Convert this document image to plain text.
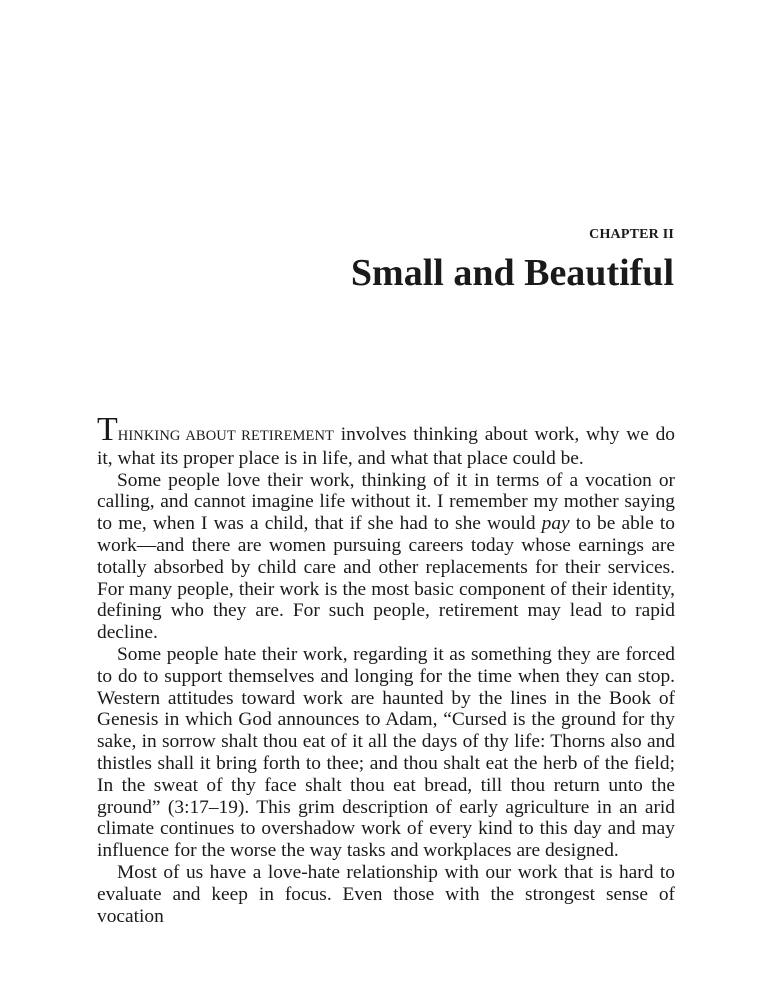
CHAPTER II
Small and Beautiful

THINKING ABOUT RETIREMENT involves thinking about work, why we do it, what its proper place is in life, and what that place could be.

Some people love their work, thinking of it in terms of a vocation or calling, and cannot imagine life without it. I remember my mother saying to me, when I was a child, that if she had to she would pay to be able to work—and there are women pursuing careers today whose earnings are totally absorbed by child care and other replacements for their services. For many people, their work is the most basic component of their identity, defining who they are. For such people, retirement may lead to rapid decline.

Some people hate their work, regarding it as something they are forced to do to support themselves and longing for the time when they can stop. Western attitudes toward work are haunted by the lines in the Book of Genesis in which God announces to Adam, “Cursed is the ground for thy sake, in sorrow shalt thou eat of it all the days of thy life: Thorns also and thistles shall it bring forth to thee; and thou shalt eat the herb of the field; In the sweat of thy face shalt thou eat bread, till thou return unto the ground” (3:17–19). This grim description of early agriculture in an arid climate continues to overshadow work of every kind to this day and may influence for the worse the way tasks and workplaces are designed.

Most of us have a love-hate relationship with our work that is hard to evaluate and keep in focus. Even those with the strongest sense of vocation
